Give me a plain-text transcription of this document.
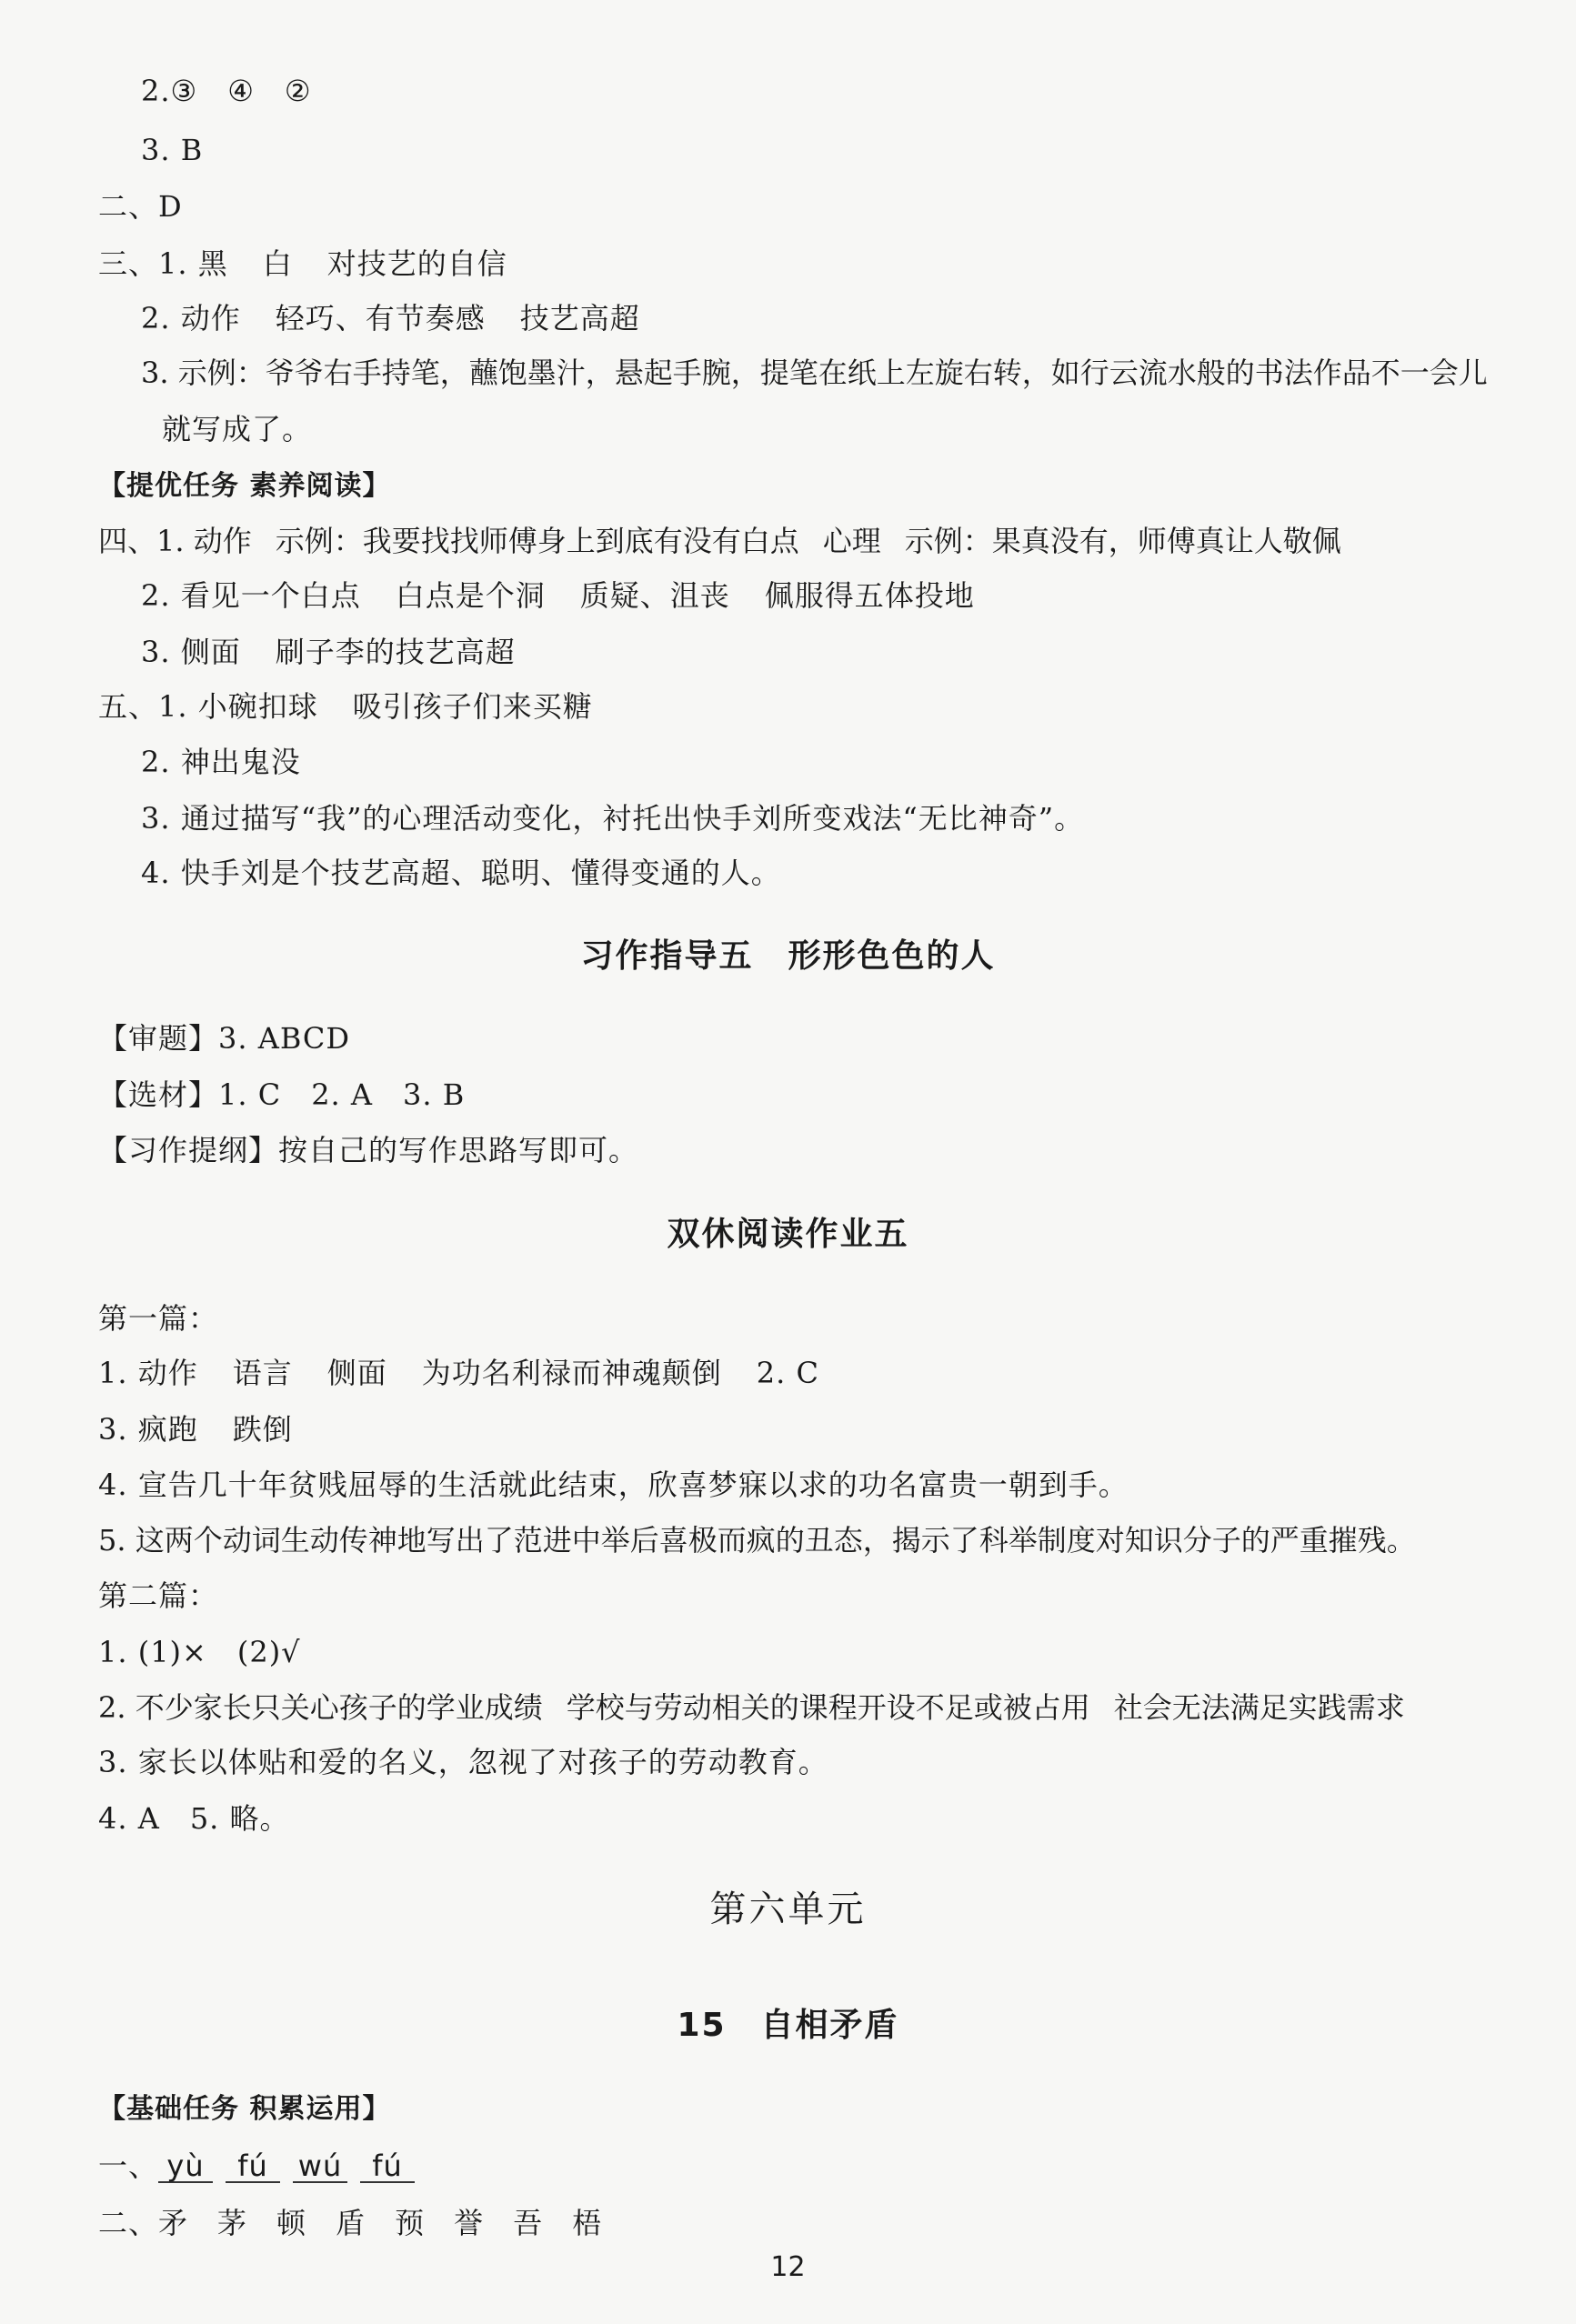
2.③　④　②
3. B
二、D
三、1. 黑 白 对技艺的自信
2. 动作 轻巧、有节奏感 技艺高超
3. 示例：爷爷右手持笔，蘸饱墨汁，悬起手腕，提笔在纸上左旋右转，如行云流水般的书法作品不一会儿
就写成了。
【提优任务 素养阅读】
四、1. 动作 示例：我要找找师傅身上到底有没有白点 心理 示例：果真没有，师傅真让人敬佩
2. 看见一个白点 白点是个洞 质疑、沮丧 佩服得五体投地
3. 侧面 刷子李的技艺高超
五、1. 小碗扣球 吸引孩子们来买糖
2. 神出鬼没
3. 通过描写“我”的心理活动变化，衬托出快手刘所变戏法“无比神奇”。
4. 快手刘是个技艺高超、聪明、懂得变通的人。
习作指导五　形形色色的人
【审题】3. ABCD
【选材】1. C　2. A　3. B
【习作提纲】按自己的写作思路写即可。
双休阅读作业五
第一篇：
1. 动作 语言 侧面 为功名利禄而神魂颠倒 2. C
3. 疯跑 跌倒
4. 宣告几十年贫贱屈辱的生活就此结束，欣喜梦寐以求的功名富贵一朝到手。
5. 这两个动词生动传神地写出了范进中举后喜极而疯的丑态，揭示了科举制度对知识分子的严重摧残。
第二篇：
1. (1)×　(2)√
2. 不少家长只关心孩子的学业成绩 学校与劳动相关的课程开设不足或被占用 社会无法满足实践需求
3. 家长以体贴和爱的名义，忽视了对孩子的劳动教育。
4. A　5. 略。
第六单元
15　自相矛盾
【基础任务 积累运用】
一、 yù fú wú fú
二、矛 茅 顿 盾 预 誉 吾 梧
12
